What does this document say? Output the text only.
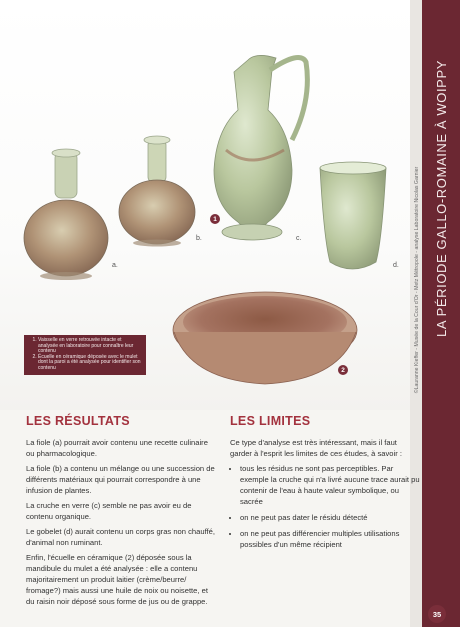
a.
b.	c.
d.
1
2
1. Vaisselle en verre retrouvée intacte et analysée en laboratoire pour connaître leur contenu
2. Écuelle en céramique déposée avec le mulet dont la paroi a été analysée pour identifier son contenu	©Lauranne Kieffer - Musée de la Cour d'Or - Metz Métropole - analyse Laboratoire Nicolas Garnier LA PÉRIODE GALLO-ROMAINE À WOIPPY
LES RÉSULTATS

La fiole (a) pourrait avoir contenu une recette culinaire ou pharmacologique.

La fiole (b) a contenu un mélange ou une succession de différents matériaux qui pourrait correspondre à une infusion de plantes.

La cruche en verre (c) semble ne pas avoir eu de contenu organique.

Le gobelet (d) aurait contenu un corps gras non chauffé, d'animal non ruminant.

Enfin, l'écuelle en céramique (2) déposée sous la mandibule du mulet a été analysée : elle a contenu majoritairement un produit laitier (crème/beurre/ fromage?) mais aussi une huile de noix ou noisette, et du raisin noir déposé sous forme de jus ou de grappe.

LES LIMITES

Ce type d'analyse est très intéressant, mais il faut garder à l'esprit les limites de ces études, à savoir :

• tous les résidus ne sont pas perceptibles. Par exemple la cruche qui n'a livré aucune trace aurait pu contenir de l'eau à haute valeur symbolique, ou sacrée
• on ne peut pas dater le résidu détecté
• on ne peut pas différencier multiples utilisations possibles d'un même récipient
35
